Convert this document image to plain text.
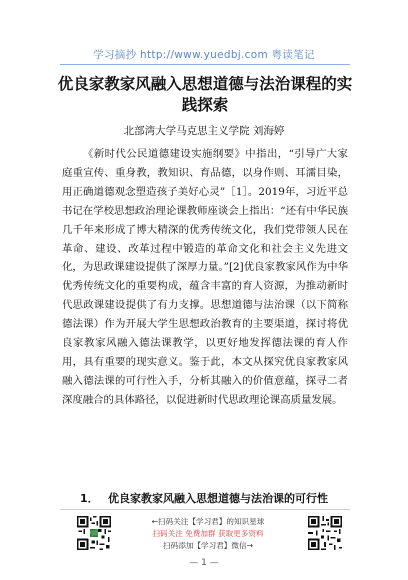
学习摘抄 http://www.yuedbj.com 粤读笔记
优良家教家风融入思想道德与法治课程的实践探索
北部湾大学马克思主义学院 刘海婷

《新时代公民道德建设实施纲要》中指出，“引导广大家庭重宣传、重身教，教知识、育品德，以身作则、耳濡目染，用正确道德观念塑造孩子美好心灵”［1］。2019年，习近平总书记在学校思想政治理论课教师座谈会上指出：“还有中华民族几千年来形成了博大精深的优秀传统文化，我们党带领人民在革命、建设、改革过程中锻造的革命文化和社会主义先进文化，为思政课建设提供了深厚力量。”[2]优良家教家风作为中华优秀传统文化的重要构成，蕴含丰富的育人资源，为推动新时代思政课建设提供了有力支撑。思想道德与法治课（以下简称德法课）作为开展大学生思想政治教育的主要渠道，探讨将优良家教家风融入德法课教学，以更好地发挥德法课的育人作用，具有重要的现实意义。鉴于此，本文从探究优良家教家风融入德法课的可行性入手，分析其融入的价值意蕴，探寻二者深度融合的具体路径，以促进新时代思政理论课高质量发展。

1． 优良家教家风融入思想道德与法治课的可行性
←扫码关注【学习君】的知识星球
扫码关注 免费加群 获取更多资料
扫码添加【学习君】微信→
— 1 —
